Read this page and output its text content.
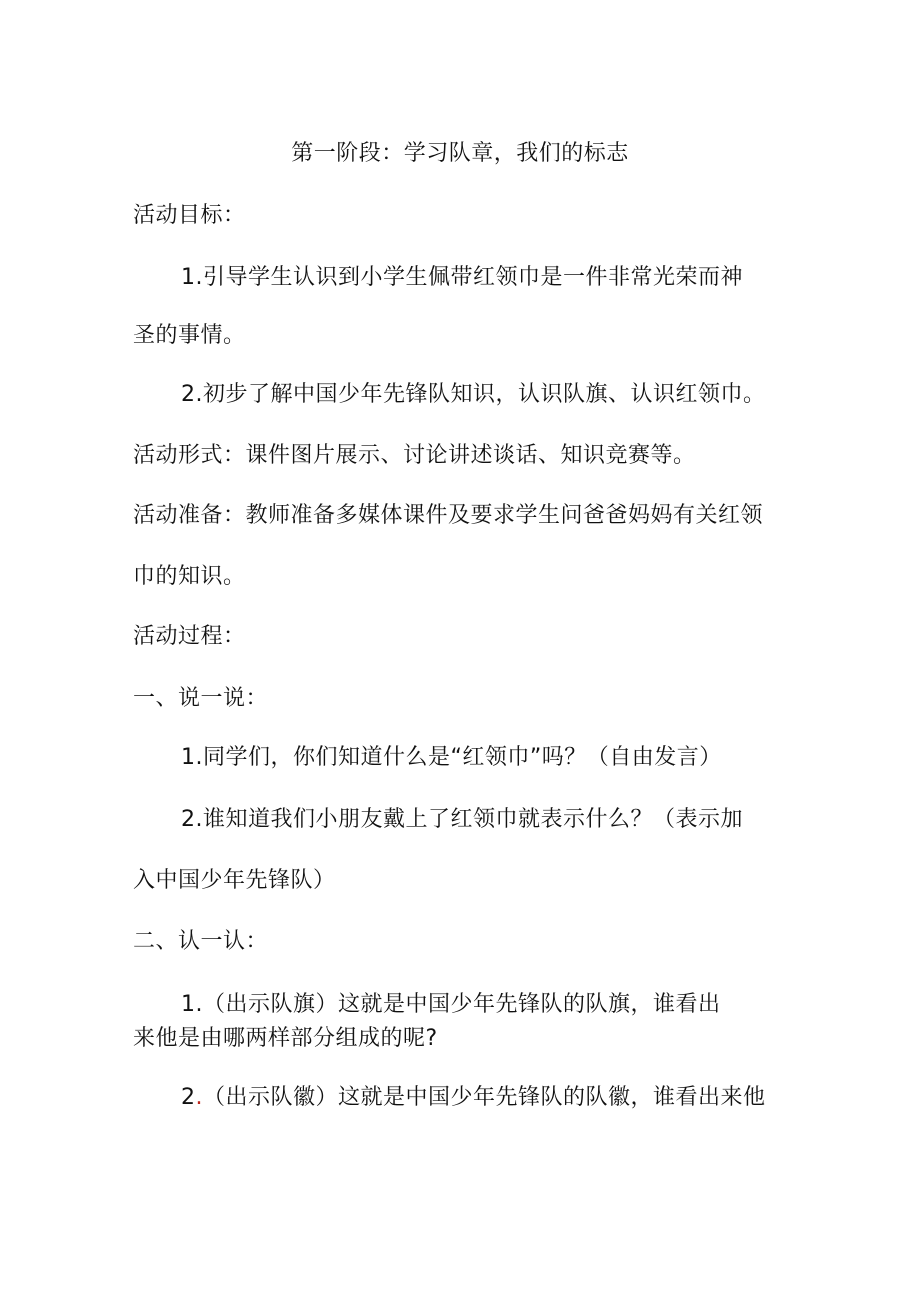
第一阶段：学习队章，我们的标志
活动目标：
1.引导学生认识到小学生佩带红领巾是一件非常光荣而神
圣的事情。
2.初步了解中国少年先锋队知识，认识队旗、认识红领巾。
活动形式：课件图片展示、讨论讲述谈话、知识竞赛等。
活动准备：教师准备多媒体课件及要求学生问爸爸妈妈有关红领
巾的知识。
活动过程：
一、说一说：
1.同学们，你们知道什么是“红领巾”吗？（自由发言）
2.谁知道我们小朋友戴上了红领巾就表示什么？（表示加
入中国少年先锋队）
二、认一认：
1.（出示队旗）这就是中国少年先锋队的队旗，谁看出
来他是由哪两样部分组成的呢?
2.（出示队徽）这就是中国少年先锋队的队徽，谁看出来他
